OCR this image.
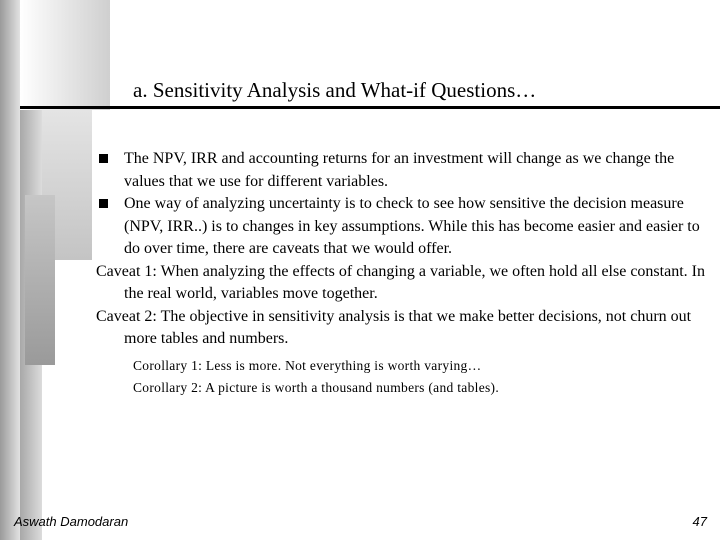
a. Sensitivity Analysis and What-if Questions…
The NPV, IRR and accounting returns for an investment will change as we change the values that we use for different variables.
One way of analyzing uncertainty is to check to see how sensitive the decision measure (NPV, IRR..) is to changes in key assumptions. While this has become easier and easier to do over time, there are caveats that we would offer.
Caveat 1: When analyzing the effects of changing a variable, we often hold all else constant. In the real world, variables move together.
Caveat 2: The objective in sensitivity analysis is that we make better decisions, not churn out more tables and numbers.
Corollary 1: Less is more. Not everything is worth varying…
Corollary 2: A picture is worth a thousand numbers (and tables).
Aswath Damodaran	47
